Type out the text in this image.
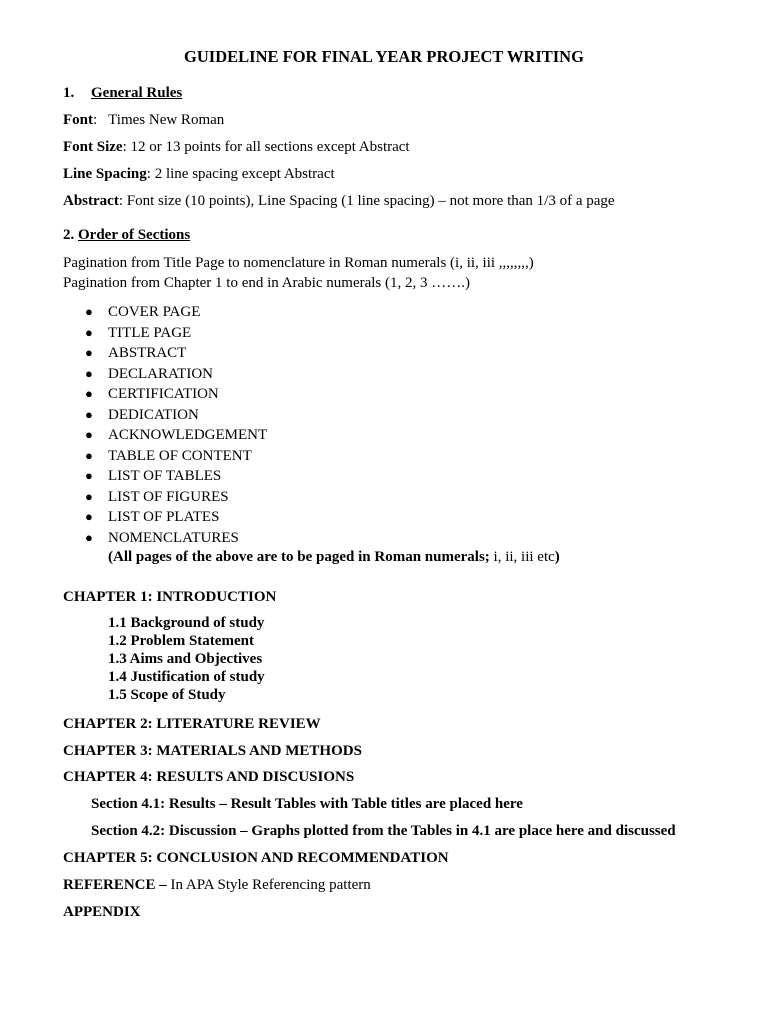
GUIDELINE FOR FINAL YEAR PROJECT WRITING
1. General Rules
Font:   Times New Roman
Font Size: 12 or 13 points for all sections except Abstract
Line Spacing: 2 line spacing except Abstract
Abstract: Font size (10 points), Line Spacing (1 line spacing) – not more than 1/3 of a page
2. Order of Sections
Pagination from Title Page to nomenclature in Roman numerals (i, ii, iii ,,,,,,,,)
Pagination from Chapter 1 to end in Arabic numerals (1, 2, 3 …….)
● COVER PAGE
● TITLE PAGE
● ABSTRACT
● DECLARATION
● CERTIFICATION
● DEDICATION
● ACKNOWLEDGEMENT
● TABLE OF CONTENT
● LIST OF TABLES
● LIST OF FIGURES
● LIST OF PLATES
● NOMENCLATURES
(All pages of the above are to be paged in Roman numerals; i, ii, iii etc)
CHAPTER 1: INTRODUCTION
1.1 Background of study
1.2 Problem Statement
1.3 Aims and Objectives
1.4 Justification of study
1.5 Scope of Study
CHAPTER 2: LITERATURE REVIEW
CHAPTER 3: MATERIALS AND METHODS
CHAPTER 4: RESULTS AND DISCUSIONS
Section 4.1: Results – Result Tables with Table titles are placed here
Section 4.2: Discussion – Graphs plotted from the Tables in 4.1 are place here and discussed
CHAPTER 5: CONCLUSION AND RECOMMENDATION
REFERENCE – In APA Style Referencing pattern
APPENDIX
